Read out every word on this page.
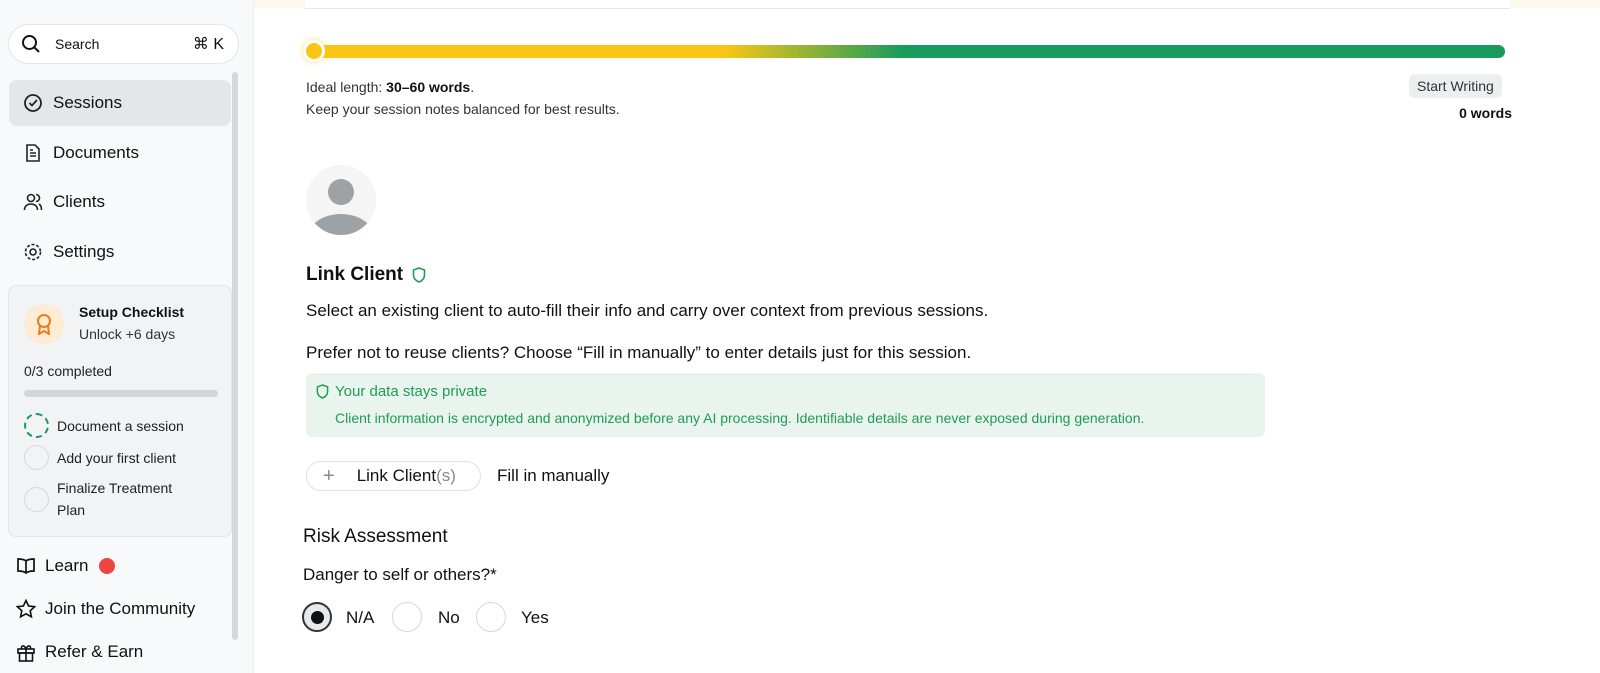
Search	⌘ K
Sessions
Documents
Clients
Settings
Setup Checklist
Unlock +6 days
0/3 completed
Document a session
Add your first client
Finalize Treatment Plan
Learn
Join the Community
Refer & Earn
Ideal length: 30–60 words.
Keep your session notes balanced for best results.
Start Writing
0 words
Link Client
Select an existing client to auto-fill their info and carry over context from previous sessions.
Prefer not to reuse clients? Choose “Fill in manually” to enter details just for this session.
Your data stays private
Client information is encrypted and anonymized before any AI processing. Identifiable details are never exposed during generation.
+ Link Client(s) Fill in manually
Risk Assessment
Danger to self or others?*
N/A	No	Yes
